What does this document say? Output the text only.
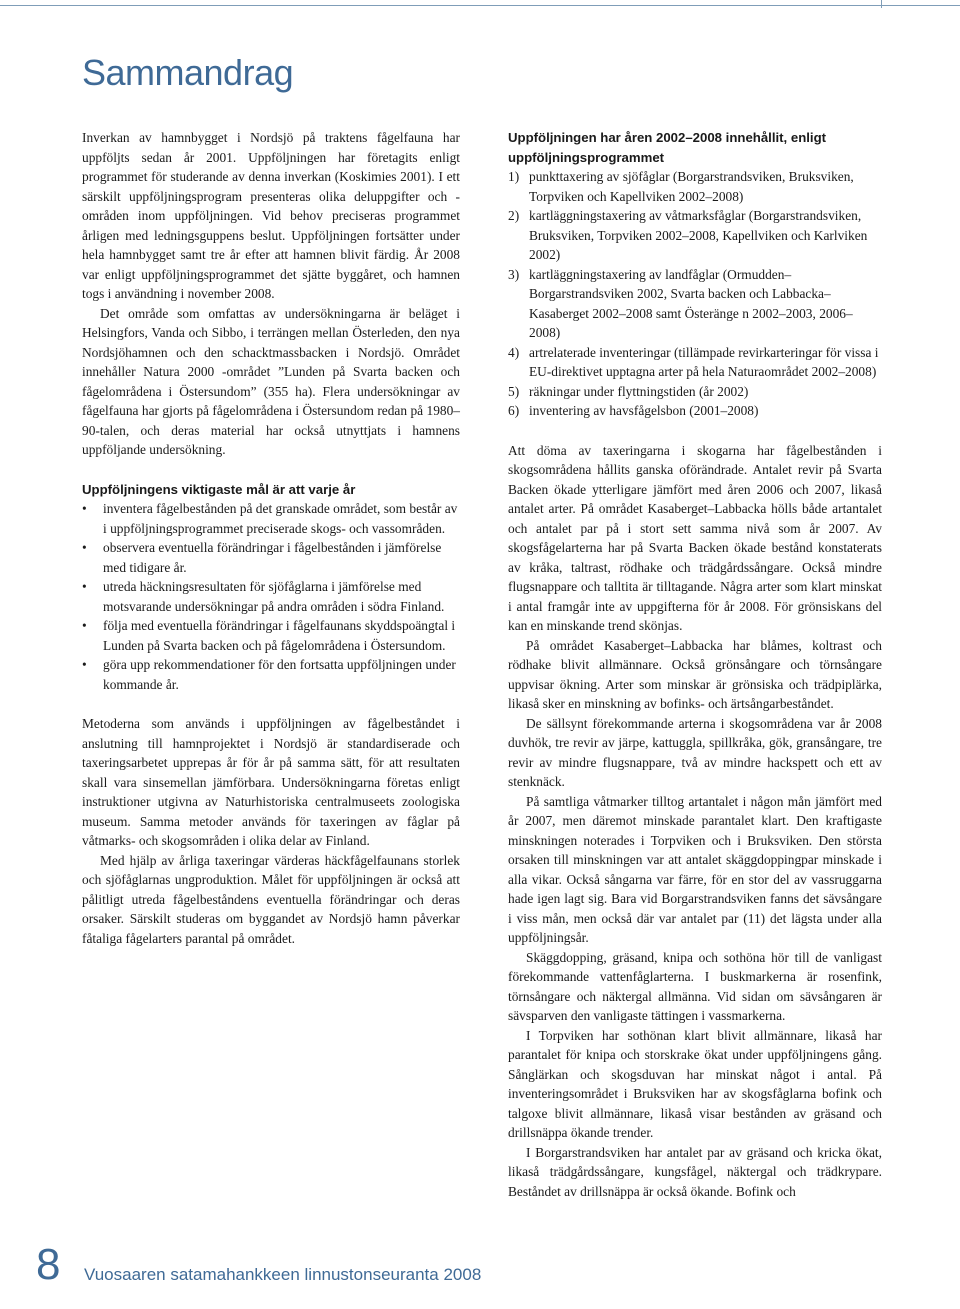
Sammandrag

Inverkan av hamnbygget i Nordsjö på traktens fågelfauna har uppföljts sedan år 2001. Uppföljningen har företagits enligt programmet för studerande av denna inverkan (Koskimies 2001). I ett särskilt uppföljningsprogram presenteras olika deluppgifter och -områden inom uppföljningen. Vid behov preciseras programmet årligen med ledningsguppens beslut. Uppföljningen fortsätter under hela hamnbygget samt tre år efter att hamnen blivit färdig. År 2008 var enligt uppföljningsprogrammet det sjätte byggåret, och hamnen togs i användning i november 2008.

Det område som omfattas av undersökningarna är beläget i Helsingfors, Vanda och Sibbo, i terrängen mellan Österleden, den nya Nordsjöhamnen och den schacktmassbacken i Nordsjö. Området innehåller Natura 2000 -området ”Lunden på Svarta backen och fågelområdena i Östersundom” (355 ha). Flera undersökningar av fågelfauna har gjorts på fågelområdena i Östersundom redan på 1980–90-talen, och deras material har också utnyttjats i hamnens uppföljande undersökning.

Uppföljningens viktigaste mål är att varje år
• inventera fågelbestånden på det granskade området, som består av i uppföljningsprogrammet preciserade skogs- och vassområden.
• observera eventuella förändringar i fågelbestånden i jämförelse med tidigare år.
• utreda häckningsresultaten för sjöfåglarna i jämförelse med motsvarande undersökningar på andra områden i södra Finland.
• följa med eventuella förändringar i fågelfaunans skyddspoängtal i Lunden på Svarta backen och på fågelområdena i Östersundom.
• göra upp rekommendationer för den fortsatta uppföljningen under kommande år.

Metoderna som används i uppföljningen av fågelbeståndet i anslutning till hamnprojektet i Nordsjö är standardiserade och taxeringsarbetet upprepas år för år på samma sätt, för att resultaten skall vara sinsemellan jämförbara. Undersökningarna företas enligt instruktioner utgivna av Naturhistoriska centralmuseets zoologiska museum. Samma metoder används för taxeringen av fåglar på våtmarks- och skogsområden i olika delar av Finland.

Med hjälp av årliga taxeringar värderas häckfågelfaunans storlek och sjöfåglarnas ungproduktion. Målet för uppföljningen är också att pålitligt utreda fågelbeståndens eventuella förändringar och deras orsaker. Särskilt studeras om byggandet av Nordsjö hamn påverkar fåtaliga fågelarters parantal på området.

Uppföljningen har åren 2002–2008 innehållit, enligt uppföljningsprogrammet
1) punkttaxering av sjöfåglar (Borgarstrandsviken, Bruksviken, Torpviken och Kapellviken 2002–2008)
2) kartläggningstaxering av våtmarksfåglar (Borgarstrandsviken, Bruksviken, Torpviken 2002–2008, Kapellviken och Karlviken 2002)
3) kartläggningstaxering av landfåglar (Ormudden–Borgarstrandsviken 2002, Svarta backen och Labbacka–Kasaberget 2002–2008 samt Österänge n 2002–2003, 2006–2008)
4) artrelaterade inventeringar (tillämpade revirkarteringar för vissa i EU-direktivet upptagna arter på hela Naturaområdet 2002–2008)
5) räkningar under flyttningstiden (år 2002)
6) inventering av havsfågelsbon (2001–2008)

Att döma av taxeringarna i skogarna har fågelbestånden i skogsområdena hållits ganska oförändrade. Antalet revir på Svarta Backen ökade ytterligare jämfört med åren 2006 och 2007, likaså antalet arter. På området Kasaberget–Labbacka hölls både artantalet och antalet par på i stort sett samma nivå som år 2007. Av skogsfågelarterna har på Svarta Backen ökade bestånd konstaterats av kråka, taltrast, rödhake och trädgårdssångare. Också mindre flugsnappare och talltita är tilltagande. Några arter som klart minskat i antal framgår inte av uppgifterna för år 2008. För grönsiskans del kan en minskande trend skönjas.

På området Kasaberget–Labbacka har blåmes, koltrast och rödhake blivit allmännare. Också grönsångare och törnsångare uppvisar ökning. Arter som minskar är grönsiska och trädpiplärka, likaså sker en minskning av bofinks- och ärtsångarbeståndet.

De sällsynt förekommande arterna i skogsområdena var år 2008 duvhök, tre revir av järpe, kattuggla, spillkråka, gök, gransångare, tre revir av mindre flugsnappare, två av mindre hackspett och ett av stenknäck.

På samtliga våtmarker tilltog artantalet i någon mån jämfört med år 2007, men däremot minskade parantalet klart. Den kraftigaste minskningen noterades i Torpviken och i Bruksviken. Den största orsaken till minskningen var att antalet skäggdoppingpar minskade i alla vikar. Också sångarna var färre, för en stor del av vassruggarna hade igen lagt sig. Bara vid Borgarstrandsviken fanns det sävsångare i viss mån, men också där var antalet par (11) det lägsta under alla uppföljningsår.

Skäggdopping, gräsand, knipa och sothöna hör till de vanligast förekommande vattenfåglarterna. I buskmarkerna är rosenfink, törnsångare och näktergal allmänna. Vid sidan om sävsångaren är sävsparven den vanligaste tättingen i vassmarkerna.

I Torpviken har sothönan klart blivit allmännare, likaså har parantalet för knipa och storskrake ökat under uppföljningens gång. Sånglärkan och skogsduvan har minskat något i antal. På inventeringsområdet i Bruksviken har av skogsfåglarna bofink och talgoxe blivit allmännare, likaså visar bestånden av gräsand och drillsnäppa ökande trender.

I Borgarstrandsviken har antalet par av gräsand och kricka ökat, likaså trädgårdssångare, kungsfågel, näktergal och trädkrypare. Beståndet av drillsnäppa är också ökande. Bofink och

8 Vuosaaren satamahankkeen linnustonseuranta 2008
